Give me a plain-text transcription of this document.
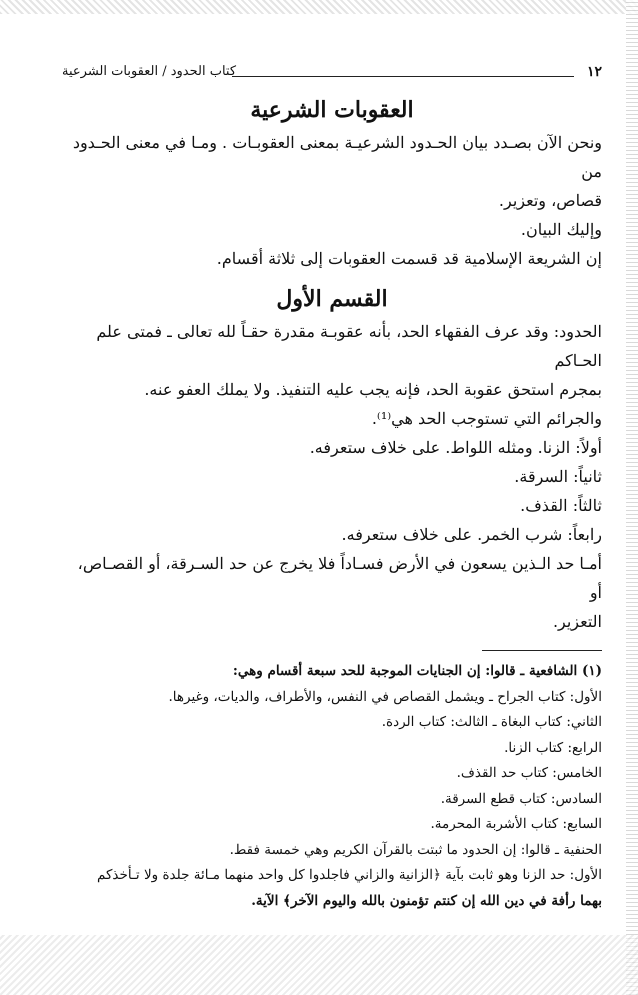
١٢
كتاب الحدود / العقوبات الشرعية
العقوبات الشرعية

ونحن الآن بصـدد بيان الحـدود الشرعيـة بمعنى العقوبـات . ومـا في معنى الحـدود من

قصاص، وتعزير.

وإليك البيان.

إن الشريعة الإسلامية قد قسمت العقوبات إلى ثلاثة أقسام.

القسم الأول

الحدود: وقد عرف الفقهاء الحد، بأنه عقوبـة مقدرة حقـاً لله تعالى ـ فمتى علم الحـاكم

بمجرم استحق عقوبة الحد، فإنه يجب عليه التنفيذ. ولا يملك العفو عنه.

والجرائم التي تستوجب الحد هي⁽¹⁾.

أولاً: الزنا. ومثله اللواط. على خلاف ستعرفه.

ثانياً: السرقة.

ثالثاً: القذف.

رابعاً: شرب الخمر. على خلاف ستعرفه.

أمـا حد الـذين يسعون في الأرض فسـاداً فلا يخرج عن حد السـرقة، أو القصـاص، أو

التعزير.

(١) الشافعية ـ قالوا: إن الجنايات الموجبة للحد سبعة أقسام وهي:

الأول: كتاب الجراح ـ ويشمل القصاص في النفس، والأطراف، والديات، وغيرها.

الثاني: كتاب البغاة ـ الثالث: كتاب الردة.

الرابع: كتاب الزنا.

الخامس: كتاب حد القذف.

السادس: كتاب قطع السرقة.

السابع: كتاب الأشربة المحرمة.

الحنفية ـ قالوا: إن الحدود ما ثبتت بالقرآن الكريم وهي خمسة فقط.

الأول: حد الزنا وهو ثابت بآية ﴿الزانية والزاني فاجلدوا كل واحد منهما مـائة جلدة ولا تـأخذكم

بهما رأفة في دين الله إن كنتم تؤمنون بالله واليوم الآخر﴾ الآية.
